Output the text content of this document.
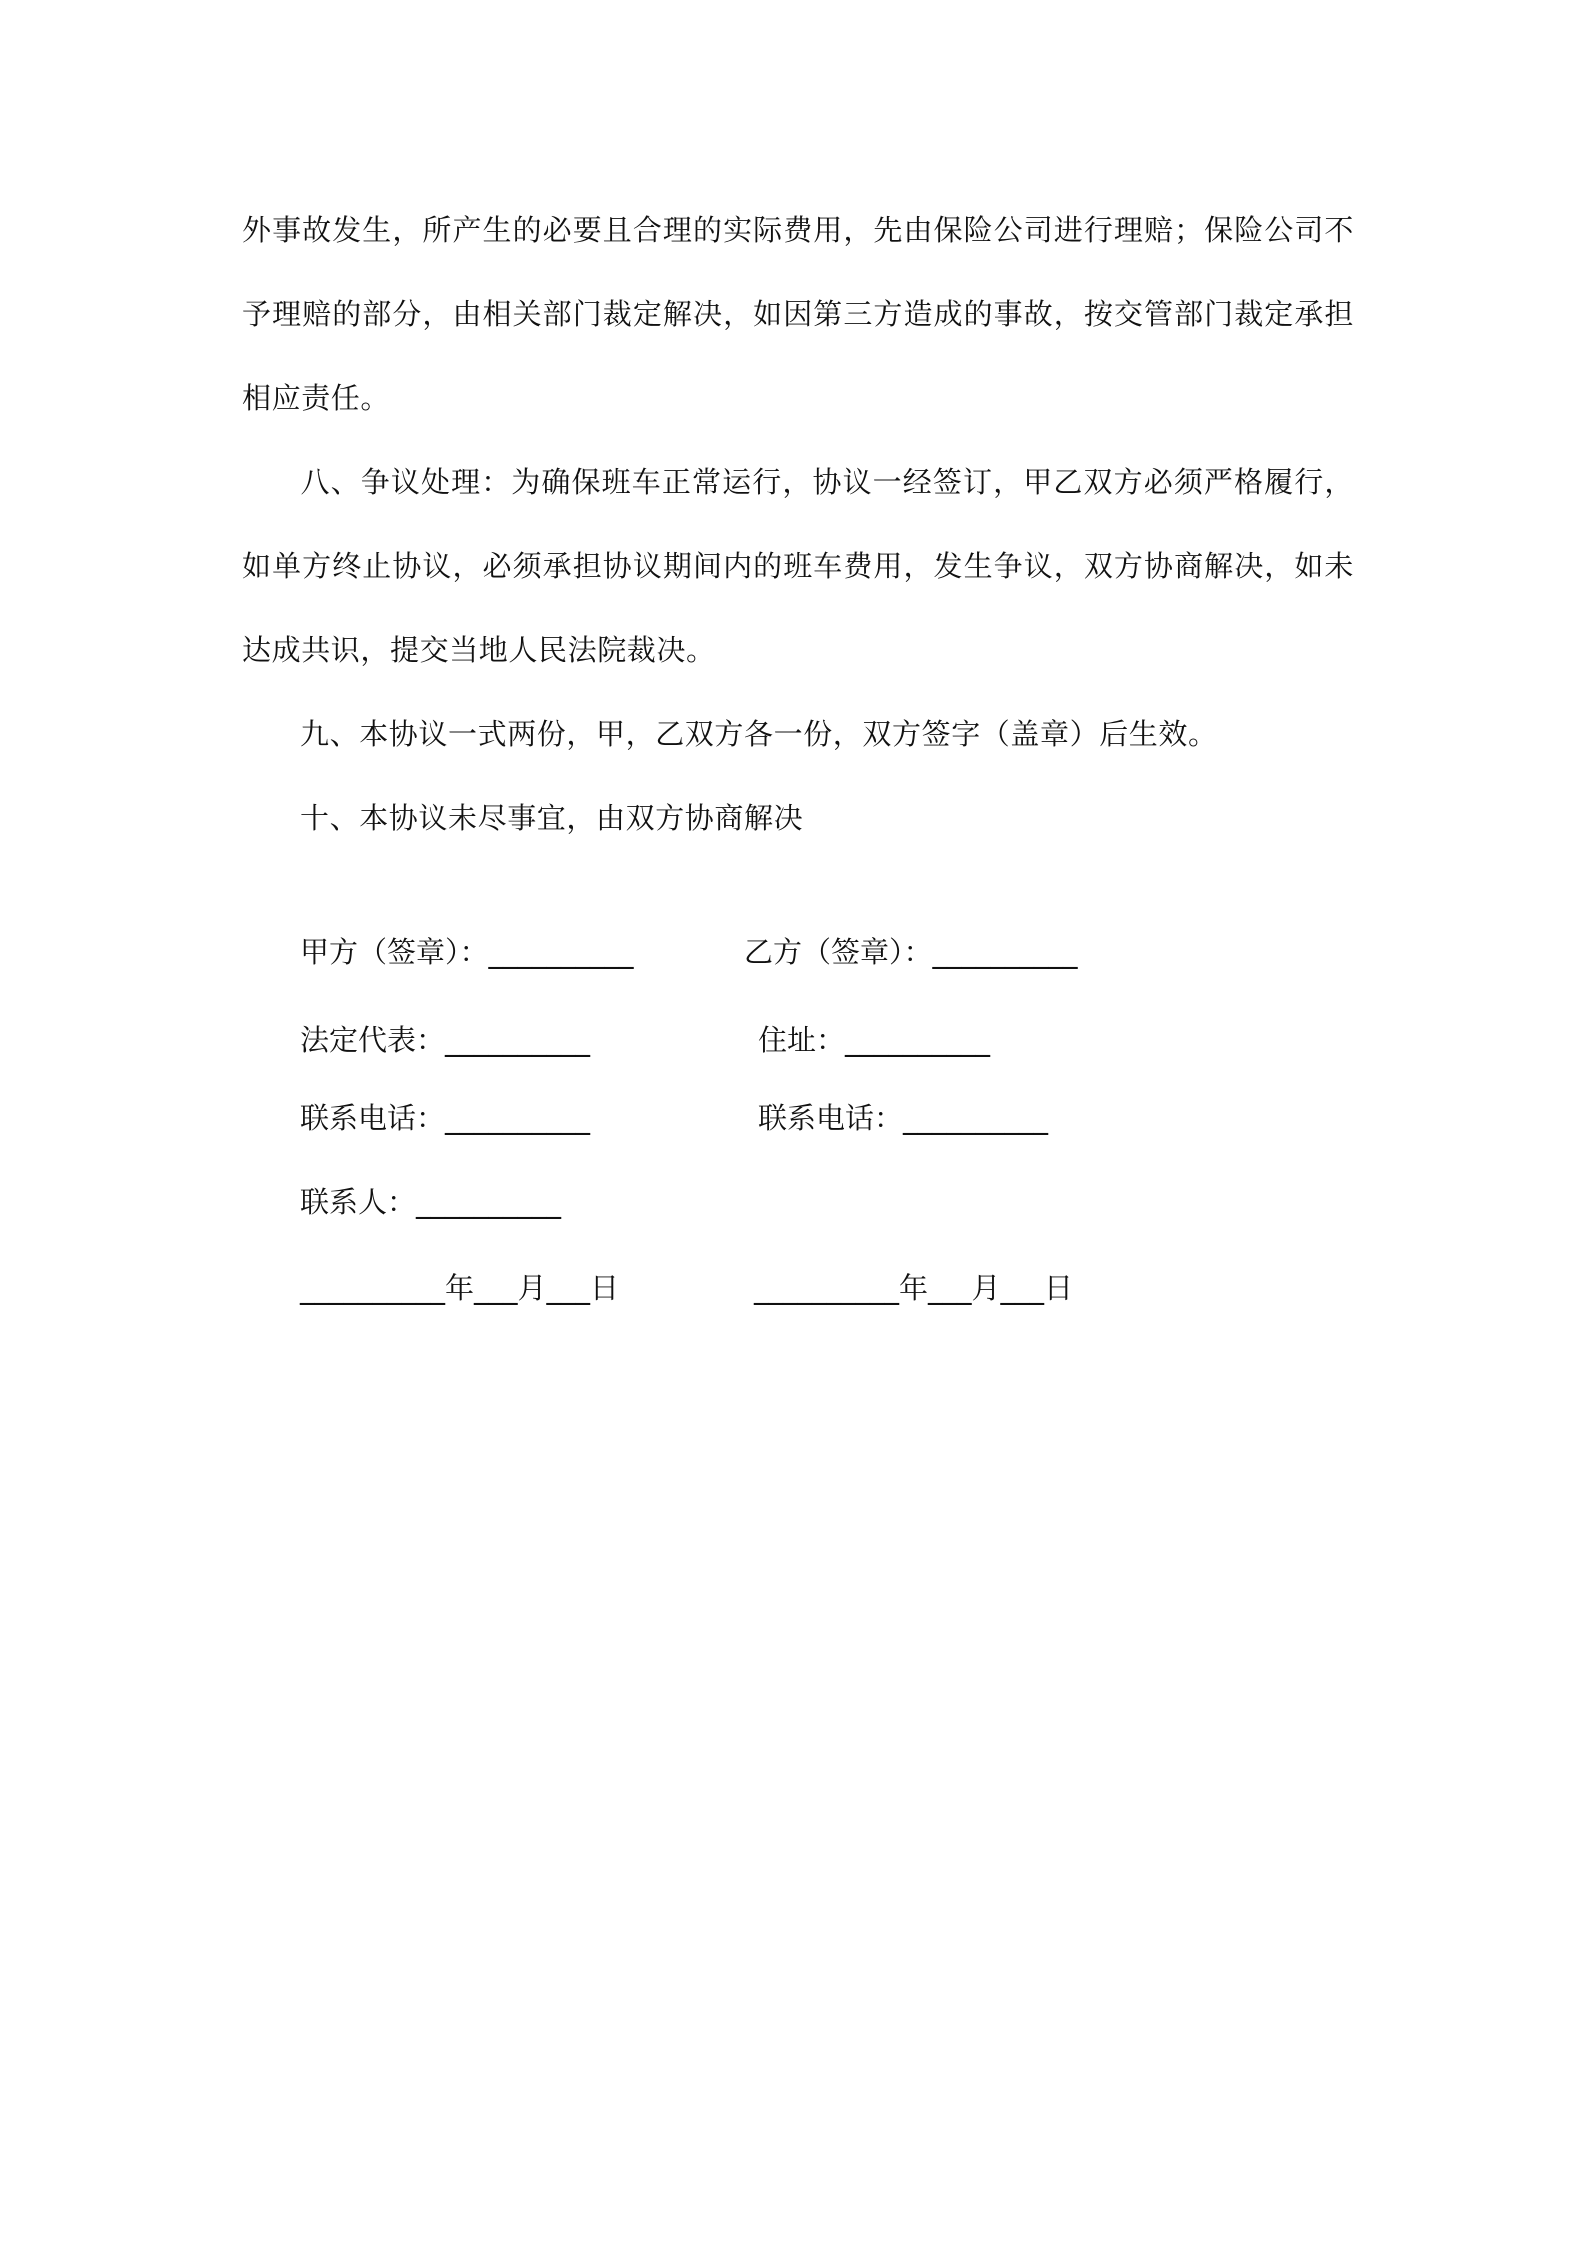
外事故发生，所产生的必要且合理的实际费用，先由保险公司进行理赔；保险公司不予理赔的部分，由相关部门裁定解决，如因第三方造成的事故，按交管部门裁定承担相应责任。

八、争议处理：为确保班车正常运行，协议一经签订，甲乙双方必须严格履行，如单方终止协议，必须承担协议期间内的班车费用，发生争议，双方协商解决，如未达成共识，提交当地人民法院裁决。

九、本协议一式两份，甲，乙双方各一份，双方签字（盖章）后生效。

十、本协议未尽事宜，由双方协商解决

甲方（签章）：__________	乙方（签章）：__________
法定代表：__________	住址：__________
联系电话：__________	联系电话：__________
联系人：__________
__________年___月___日	__________年___月___日
